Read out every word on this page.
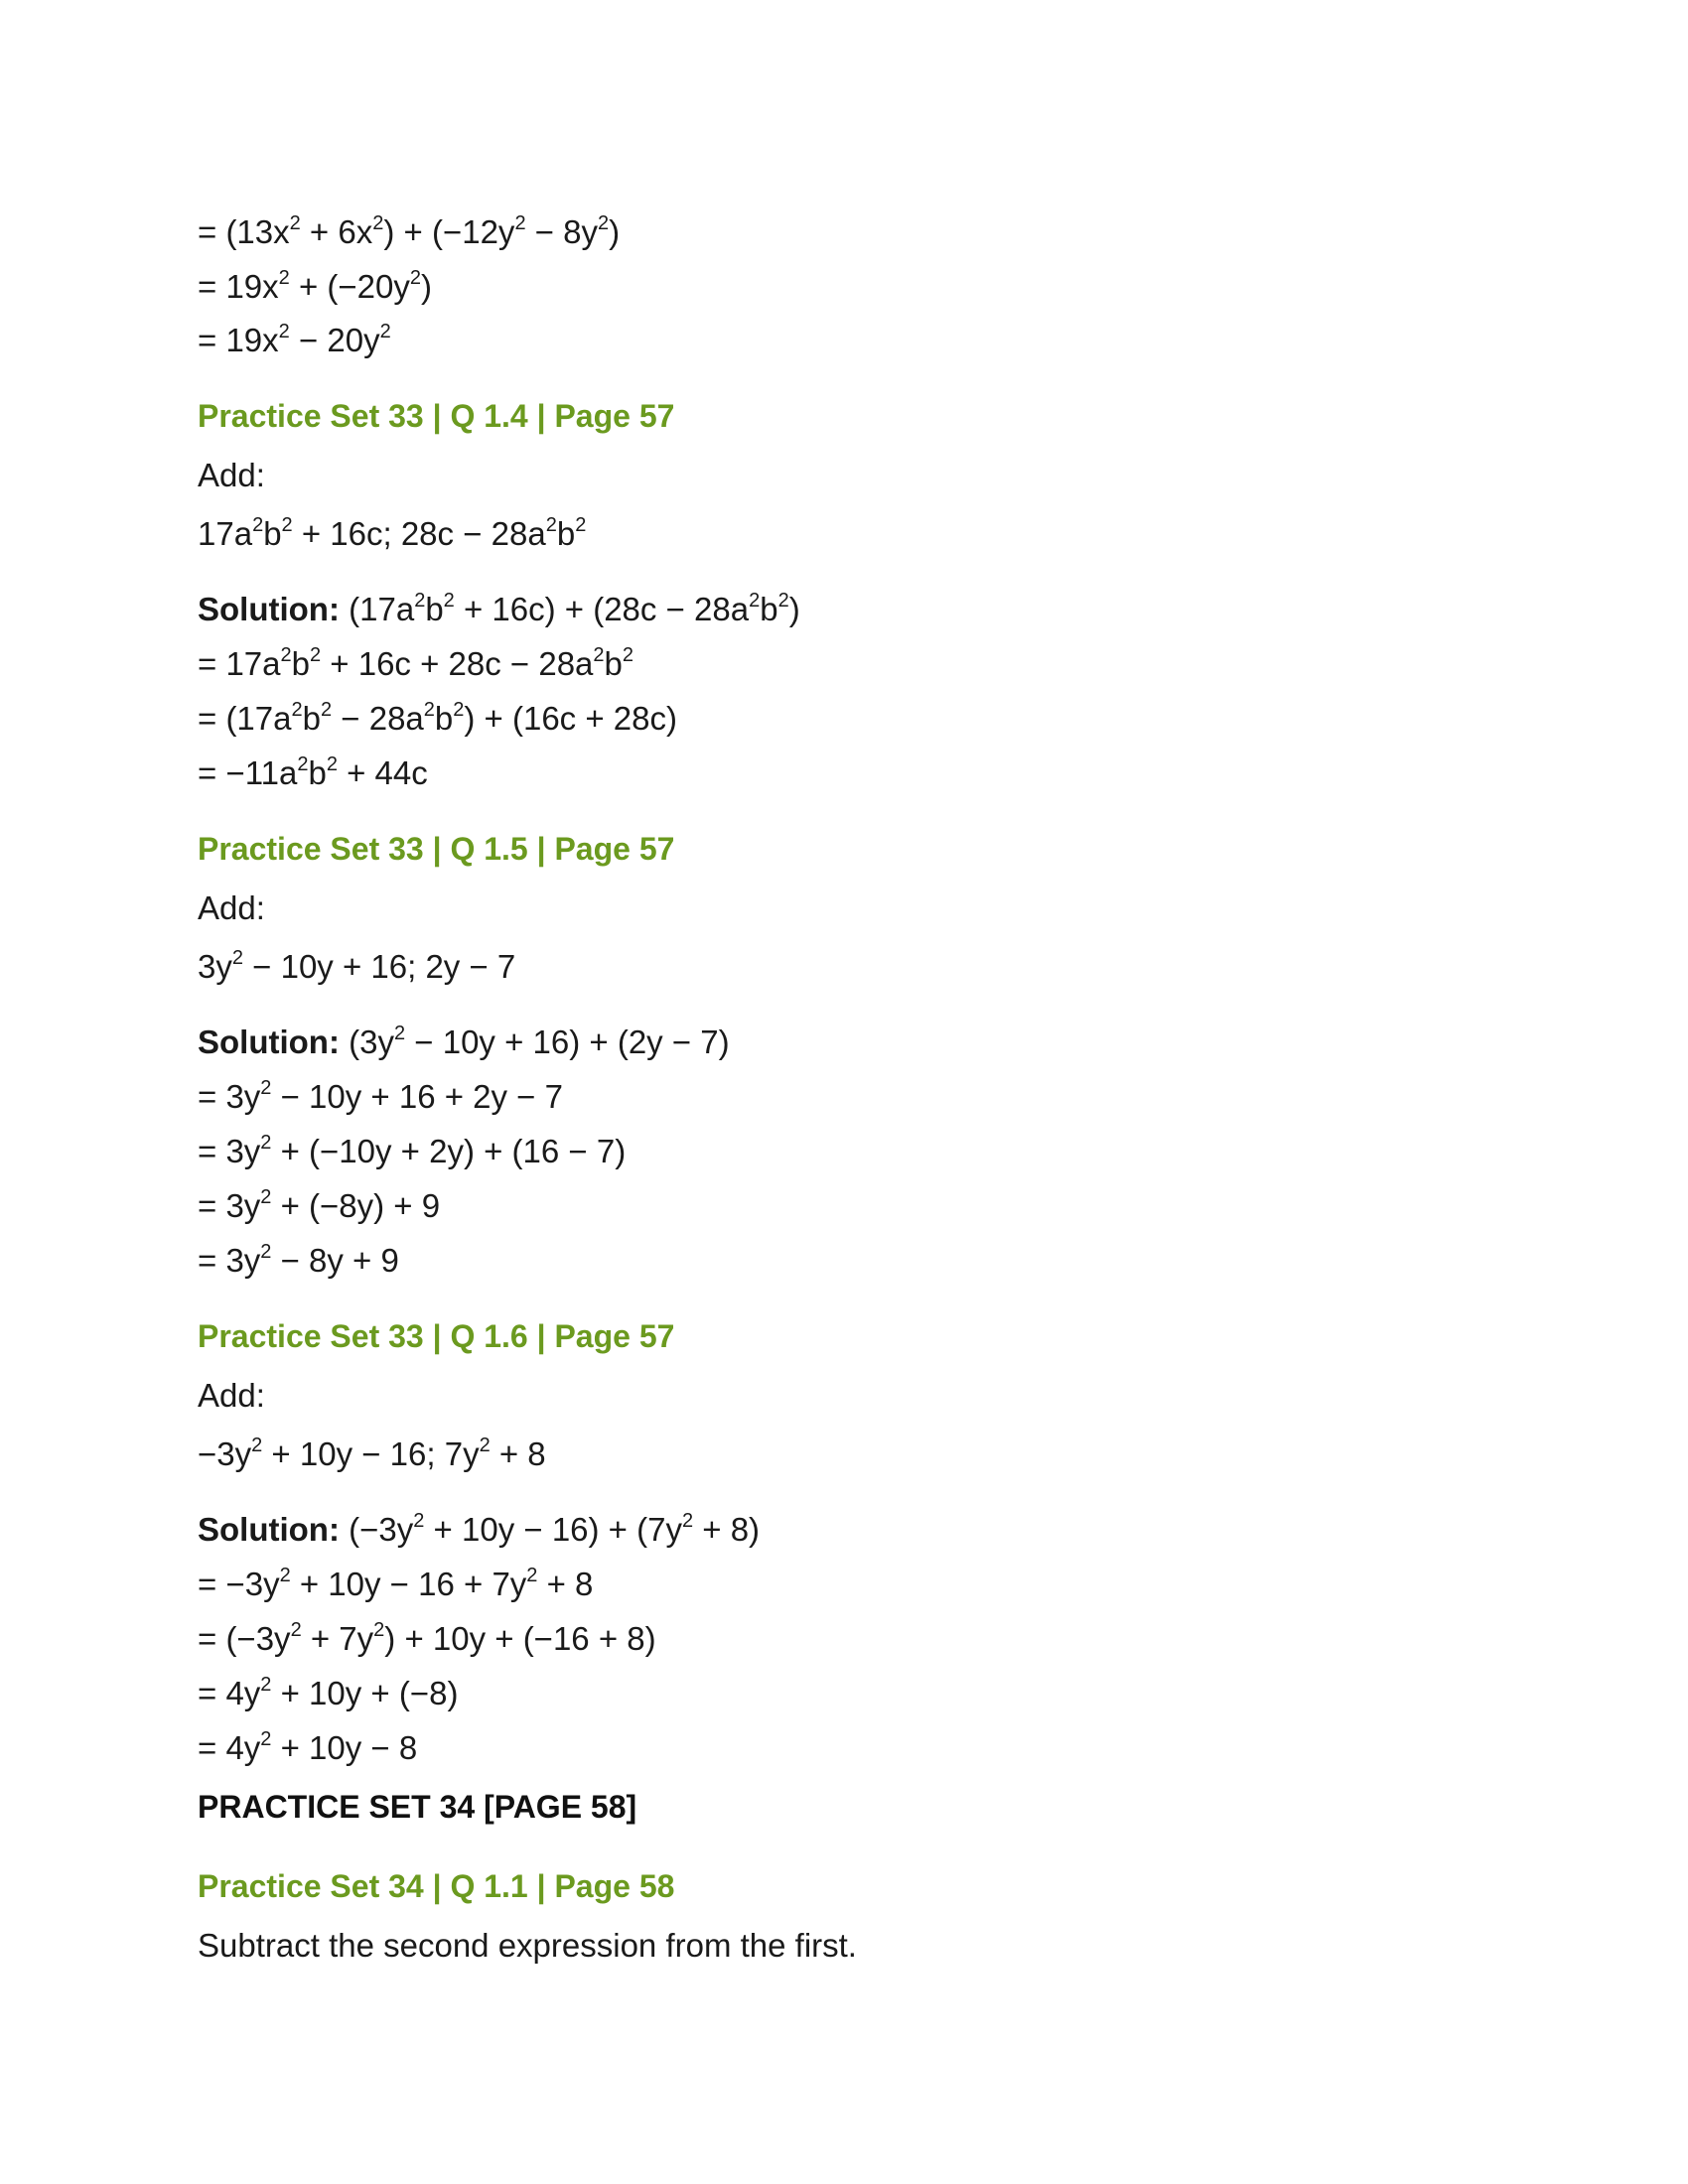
= $(13x^2 + 6x^2) + (-12y^2 - 8y^2)$

= $19x^2 + (-20y^2)$

= $19x^2 - 20y^2$

Practice Set 33 | Q 1.4 | Page 57

Add:

$17a^2b^2 + 16c$; $28c - 28a^2b^2$

Solution: $(17a^2b^2 + 16c) + (28c - 28a^2b^2)$

= $17a^2b^2 + 16c + 28c - 28a^2b^2$

= $(17a^2b^2 - 28a^2b^2) + (16c + 28c)$

= $-11a^2b^2 + 44c$

Practice Set 33 | Q 1.5 | Page 57

Add:

$3y^2 - 10y + 16$; 2y − 7

Solution: $(3y^2 - 10y + 16) + (2y - 7)$

= $3y^2 - 10y + 16 + 2y - 7$

= $3y^2 + (-10y + 2y) + (16 - 7)$

= $3y^2 + (-8y) + 9$

= $3y^2 - 8y + 9$

Practice Set 33 | Q 1.6 | Page 57

Add:

$-3y^2 + 10y - 16$; $7y^2 + 8$

Solution: $(-3y^2 + 10y - 16) + (7y^2 + 8)$

= $-3y^2 + 10y - 16 + 7y^2 + 8$

= $(-3y^2 + 7y^2) + 10y + (-16 + 8)$

= $4y^2 + 10y + (-8)$

= $4y^2 + 10y - 8$

PRACTICE SET 34 [PAGE 58]

Practice Set 34 | Q 1.1 | Page 58

Subtract the second expression from the first.
